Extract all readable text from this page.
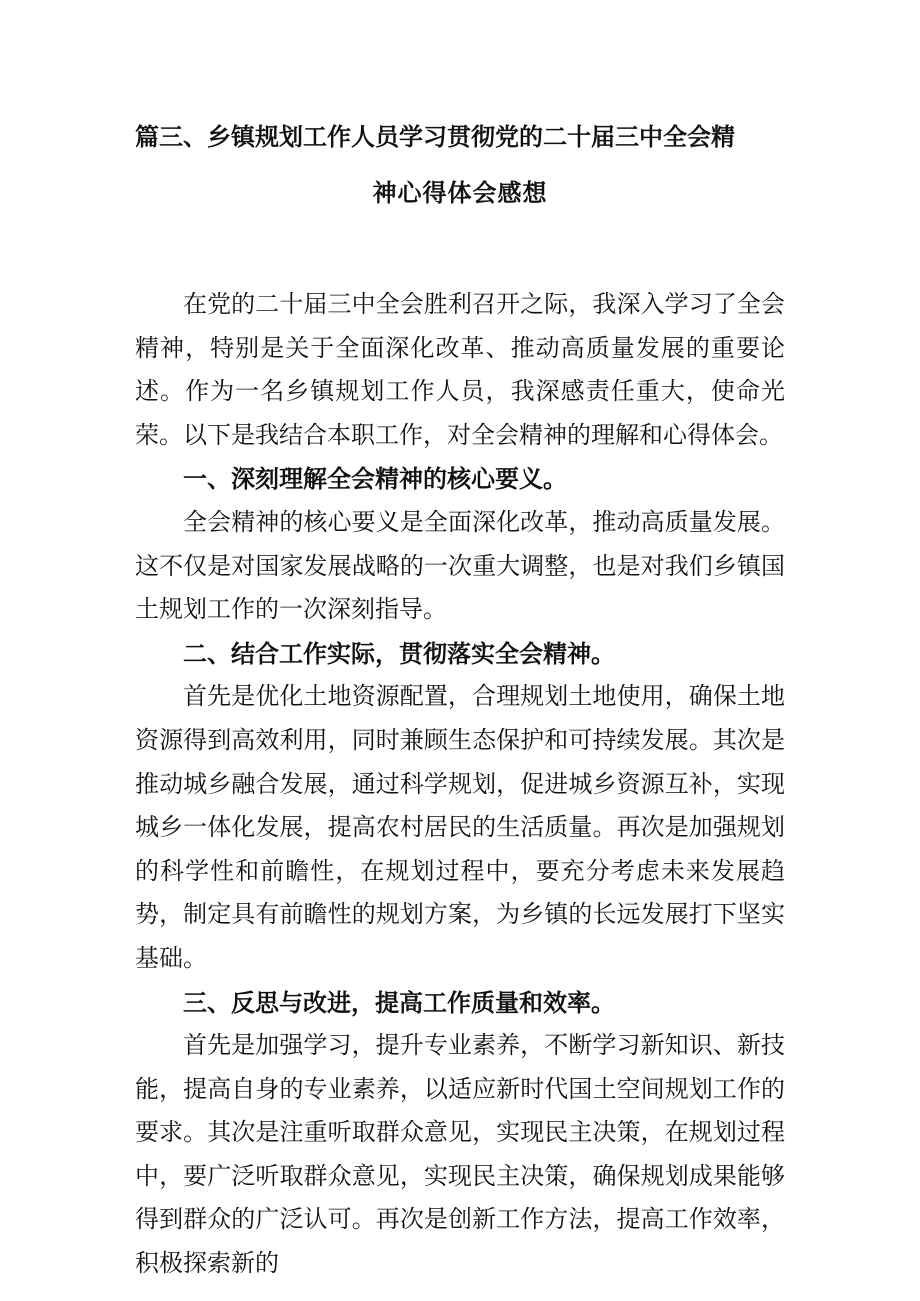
篇三、乡镇规划工作人员学习贯彻党的二十届三中全会精
神心得体会感想

在党的二十届三中全会胜利召开之际，我深入学习了全会精神，特别是关于全面深化改革、推动高质量发展的重要论述。作为一名乡镇规划工作人员，我深感责任重大，使命光荣。以下是我结合本职工作，对全会精神的理解和心得体会。

一、深刻理解全会精神的核心要义。

全会精神的核心要义是全面深化改革，推动高质量发展。这不仅是对国家发展战略的一次重大调整，也是对我们乡镇国土规划工作的一次深刻指导。

二、结合工作实际，贯彻落实全会精神。

首先是优化土地资源配置，合理规划土地使用，确保土地资源得到高效利用，同时兼顾生态保护和可持续发展。其次是推动城乡融合发展，通过科学规划，促进城乡资源互补，实现城乡一体化发展，提高农村居民的生活质量。再次是加强规划的科学性和前瞻性，在规划过程中，要充分考虑未来发展趋势，制定具有前瞻性的规划方案，为乡镇的长远发展打下坚实基础。

三、反思与改进，提高工作质量和效率。

首先是加强学习，提升专业素养，不断学习新知识、新技能，提高自身的专业素养，以适应新时代国土空间规划工作的要求。其次是注重听取群众意见，实现民主决策，在规划过程中，要广泛听取群众意见，实现民主决策，确保规划成果能够得到群众的广泛认可。再次是创新工作方法，提高工作效率，积极探索新的
